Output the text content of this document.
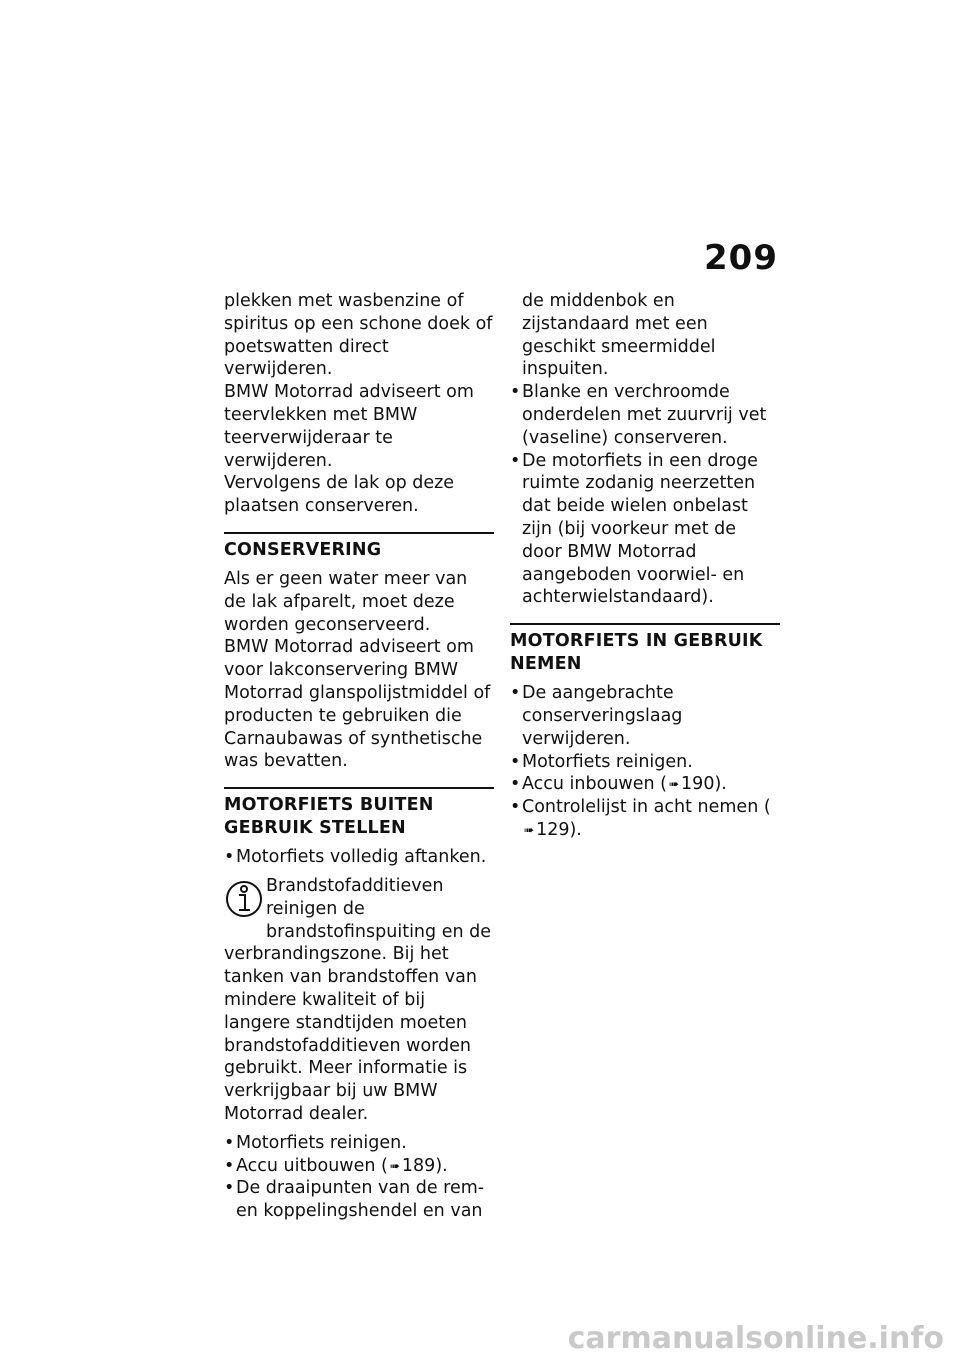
209

plekken met wasbenzine of spiritus op een schone doek of poetswatten direct verwijderen.

BMW Motorrad adviseert om teervlekken met BMW teerverwijderaar te verwijderen.

Vervolgens de lak op deze plaatsen conserveren.

CONSERVERING

Als er geen water meer van de lak afparelt, moet deze worden geconserveerd.

BMW Motorrad adviseert om voor lakconservering BMW Motorrad glanspolijstmiddel of producten te gebruiken die Carnaubawas of synthetische was bevatten.

MOTORFIETS BUITEN GEBRUIK STELLEN
• Motorfiets volledig aftanken.

Brandstofadditieven reinigen de brandstofinspuiting en de verbrandingszone. Bij het tanken van brandstoffen van mindere kwaliteit of bij langere standtijden moeten brandstofadditieven worden gebruikt. Meer informatie is verkrijgbaar bij uw BMW Motorrad dealer.

• Motorfiets reinigen.
• Accu uitbouwen ( ➠ 189).
• De draaipunten van de rem- en koppelingshendel en van

de middenbok en zijstandaard met een geschikt smeermiddel inspuiten.

• Blanke en verchroomde onderdelen met zuurvrij vet (vaseline) conserveren.
• De motorfiets in een droge ruimte zodanig neerzetten dat beide wielen onbelast zijn (bij voorkeur met de door BMW Motorrad aangeboden voorwiel- en achterwielstandaard).
MOTORFIETS IN GEBRUIK NEMEN
• De aangebrachte conserveringslaag verwijderen.
• Motorfiets reinigen.
• Accu inbouwen ( ➠ 190).
• Controlelijst in acht nemen (➠ 129).
carmanualsonline.info
